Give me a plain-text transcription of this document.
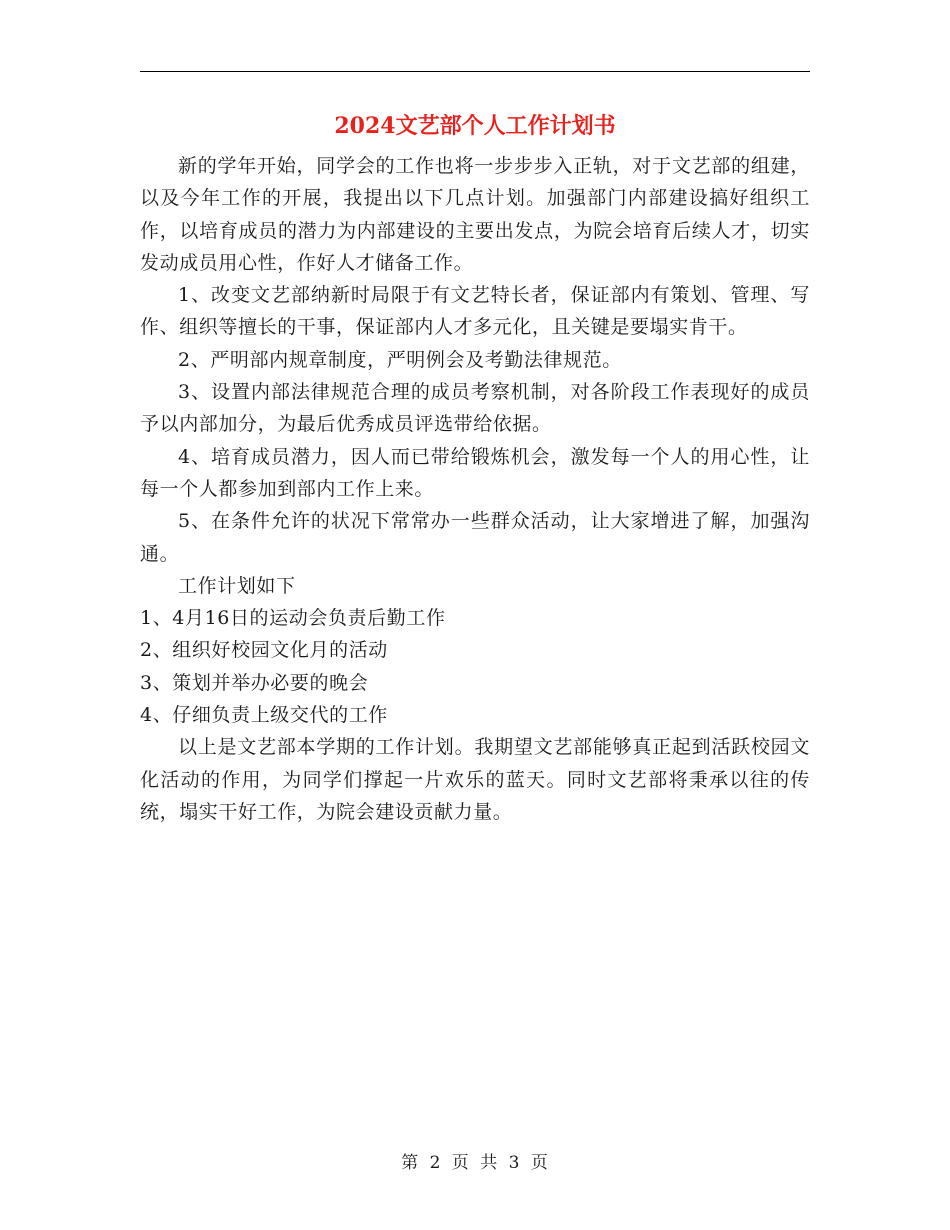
2024文艺部个人工作计划书

新的学年开始，同学会的工作也将一步步步入正轨，对于文艺部的组建，以及今年工作的开展，我提出以下几点计划。加强部门内部建设搞好组织工作，以培育成员的潜力为内部建设的主要出发点，为院会培育后续人才，切实发动成员用心性，作好人才储备工作。

1、改变文艺部纳新时局限于有文艺特长者，保证部内有策划、管理、写作、组织等擅长的干事，保证部内人才多元化，且关键是要塌实肯干。

2、严明部内规章制度，严明例会及考勤法律规范。

3、设置内部法律规范合理的成员考察机制，对各阶段工作表现好的成员予以内部加分，为最后优秀成员评选带给依据。

4、培育成员潜力，因人而已带给锻炼机会，激发每一个人的用心性，让每一个人都参加到部内工作上来。

5、在条件允许的状况下常常办一些群众活动，让大家增进了解，加强沟通。

工作计划如下

1、4月16日的运动会负责后勤工作

2、组织好校园文化月的活动

3、策划并举办必要的晚会

4、仔细负责上级交代的工作

以上是文艺部本学期的工作计划。我期望文艺部能够真正起到活跃校园文化活动的作用，为同学们撑起一片欢乐的蓝天。同时文艺部将秉承以往的传统，塌实干好工作，为院会建设贡献力量。

第 2 页 共 3 页
